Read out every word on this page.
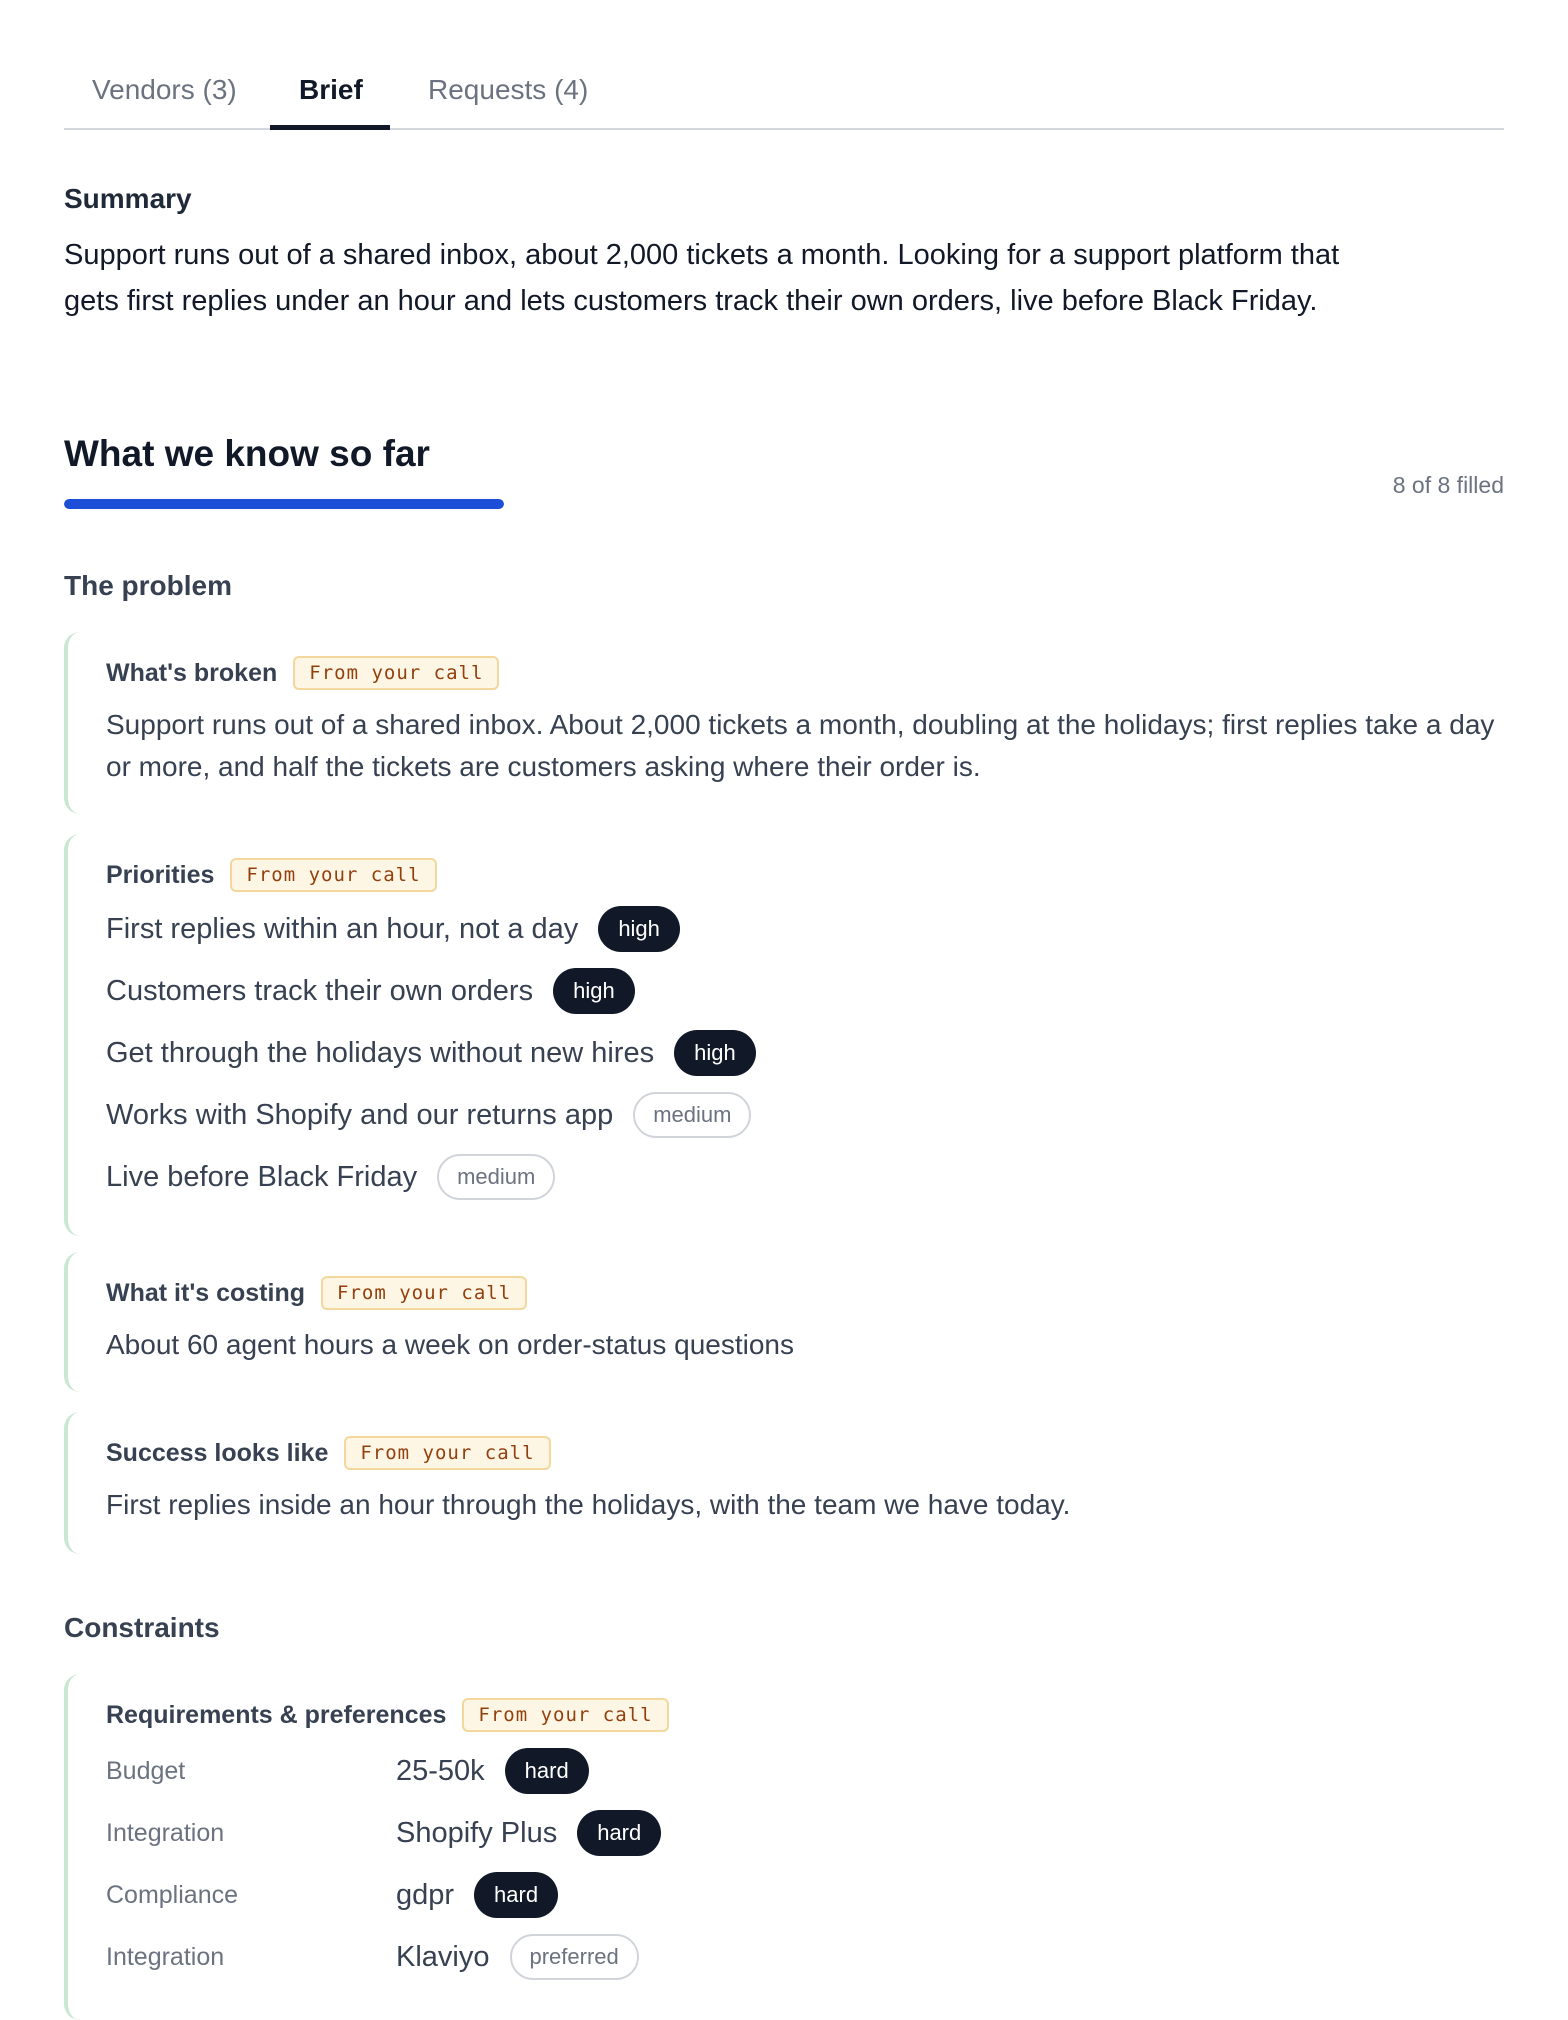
Vendors (3) Brief Requests (4)
Summary
Support runs out of a shared inbox, about 2,000 tickets a month. Looking for a support platform that gets first replies under an hour and lets customers track their own orders, live before Black Friday.
What we know so far
8 of 8 filled
The problem
What's broken	From your call
Support runs out of a shared inbox. About 2,000 tickets a month, doubling at the holidays; first replies take a day or more, and half the tickets are customers asking where their order is.
Priorities	From your call
First replies within an hour, not a day	high
Customers track their own orders	high
Get through the holidays without new hires	high
Works with Shopify and our returns app	medium
Live before Black Friday	medium
What it's costing	From your call
About 60 agent hours a week on order-status questions
Success looks like	From your call
First replies inside an hour through the holidays, with the team we have today.
Constraints
Requirements & preferences	From your call
Budget	25-50k	hard
Integration	Shopify Plus	hard
Compliance	gdpr	hard
Integration	Klaviyo	preferred
